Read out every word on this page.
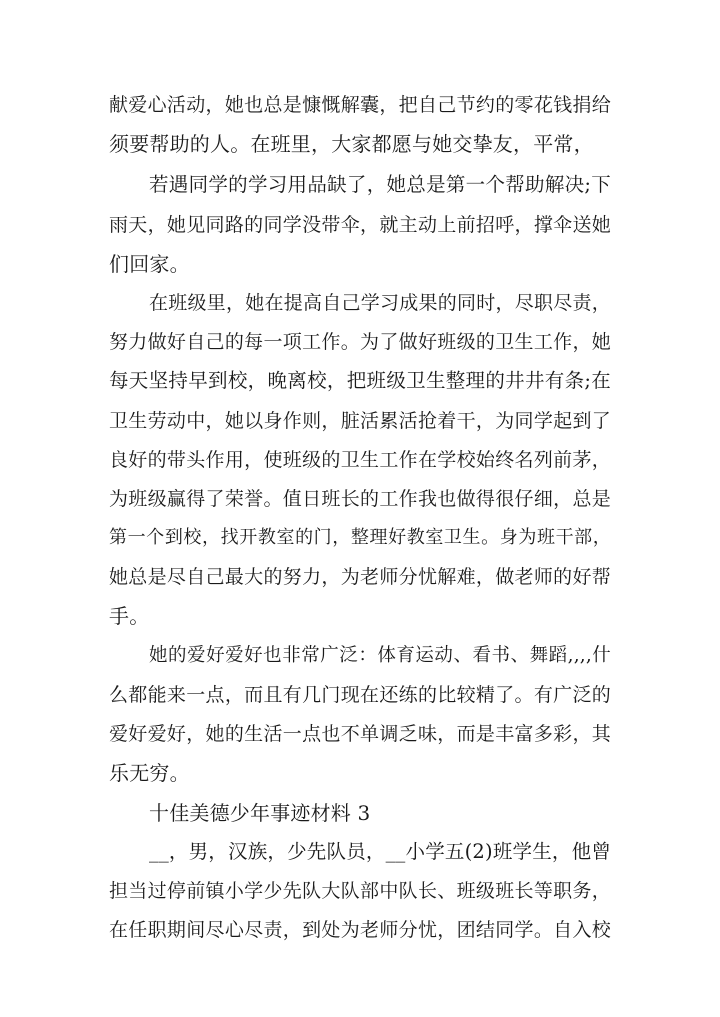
献爱心活动，她也总是慷慨解囊，把自己节约的零花钱捐给
须要帮助的人。在班里，大家都愿与她交挚友，平常，
若遇同学的学习用品缺了，她总是第一个帮助解决;下
雨天，她见同路的同学没带伞，就主动上前招呼，撑伞送她
们回家。
在班级里，她在提高自己学习成果的同时，尽职尽责，
努力做好自己的每一项工作。为了做好班级的卫生工作，她
每天坚持早到校，晚离校，把班级卫生整理的井井有条;在
卫生劳动中，她以身作则，脏活累活抢着干，为同学起到了
良好的带头作用，使班级的卫生工作在学校始终名列前茅，
为班级赢得了荣誉。值日班长的工作我也做得很仔细，总是
第一个到校，找开教室的门，整理好教室卫生。身为班干部，
她总是尽自己最大的努力，为老师分忧解难，做老师的好帮
手。
她的爱好爱好也非常广泛：体育运动、看书、舞蹈,,,,什
么都能来一点，而且有几门现在还练的比较精了。有广泛的
爱好爱好，她的生活一点也不单调乏味，而是丰富多彩，其
乐无穷。
十佳美德少年事迹材料 3
__，男，汉族，少先队员，__小学五(2)班学生，他曾
担当过停前镇小学少先队大队部中队长、班级班长等职务，
在任职期间尽心尽责，到处为老师分忧，团结同学。自入校
